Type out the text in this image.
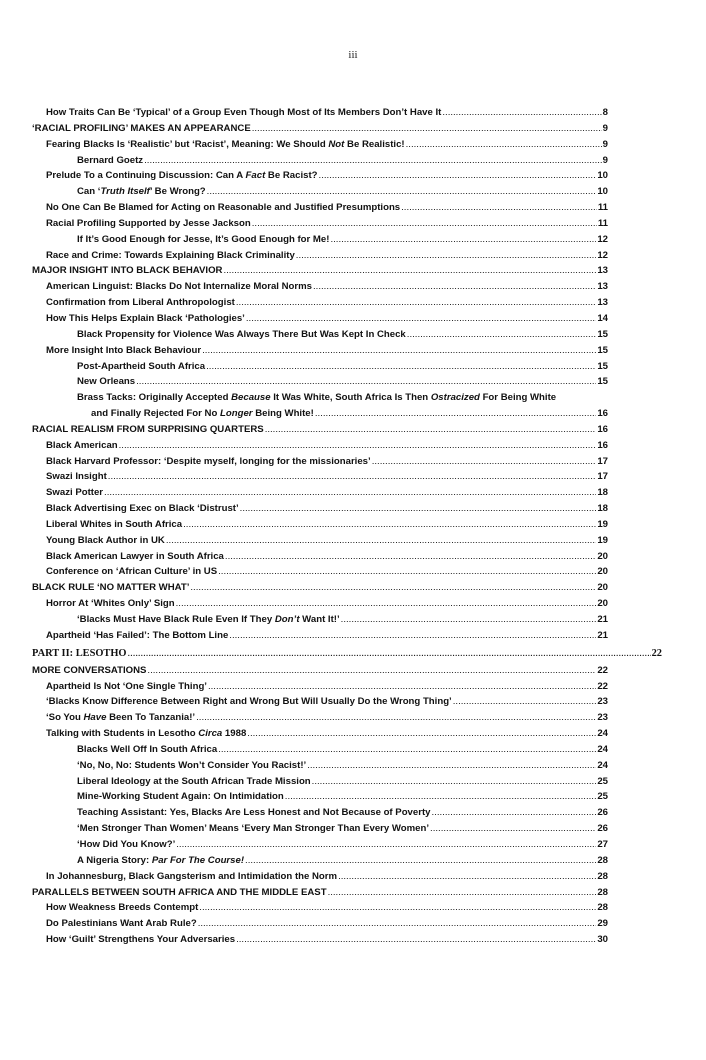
iii
How Traits Can Be ‘Typical’ of a Group Even Though Most of Its Members Don’t Have It .....	8
‘RACIAL PROFILING’ MAKES AN APPEARANCE .....	9
Fearing Blacks Is ‘Realistic’ but ‘Racist’, Meaning: We Should Not Be Realistic! .....	9
Bernard Goetz .....	9
Prelude To a Continuing Discussion: Can A Fact Be Racist? .....	10
Can ‘Truth Itself’ Be Wrong? .....	10
No One Can Be Blamed for Acting on Reasonable and Justified Presumptions .....	11
Racial Profiling Supported by Jesse Jackson .....	11
If It’s Good Enough for Jesse, It’s Good Enough for Me! .....	12
Race and Crime: Towards Explaining Black Criminality .....	12
MAJOR INSIGHT INTO BLACK BEHAVIOR .....	13
American Linguist: Blacks Do Not Internalize Moral Norms .....	13
Confirmation from Liberal Anthropologist .....	13
How This Helps Explain Black ‘Pathologies’ .....	14
Black Propensity for Violence Was Always There But Was Kept In Check .....	15
More Insight Into Black Behaviour .....	15
Post-Apartheid South Africa .....	15
New Orleans .....	15
Brass Tacks: Originally Accepted Because It Was White, South Africa Is Then Ostracized For Being White
and Finally Rejected For No Longer Being White! .....	16
RACIAL REALISM FROM SURPRISING QUARTERS .....	16
Black American .....	16
Black Harvard Professor: ‘Despite myself, longing for the missionaries’ .....	17
Swazi Insight .....	17
Swazi Potter .....	18
Black Advertising Exec on Black ‘Distrust’ .....	18
Liberal Whites in South Africa .....	19
Young Black Author in UK .....	19
Black American Lawyer in South Africa .....	20
Conference on ‘African Culture’ in US .....	20
BLACK RULE ‘NO MATTER WHAT’ .....	20
Horror At ‘Whites Only’ Sign .....	20
‘Blacks Must Have Black Rule Even If They Don’t Want It!’ .....	21
Apartheid ‘Has Failed’: The Bottom Line .....	21
PART II: LESOTHO .....	22
MORE CONVERSATIONS .....	22
Apartheid Is Not ‘One Single Thing’ .....	22
‘Blacks Know Difference Between Right and Wrong But Will Usually Do the Wrong Thing’ .....	23
‘So You Have Been To Tanzania!’ .....	23
Talking with Students in Lesotho Circa 1988 .....	24
Blacks Well Off In South Africa .....	24
‘No, No, No: Students Won’t Consider You Racist!’ .....	24
Liberal Ideology at the South African Trade Mission .....	25
Mine-Working Student Again: On Intimidation .....	25
Teaching Assistant: Yes, Blacks Are Less Honest and Not Because of Poverty .....	26
‘Men Stronger Than Women’ Means ‘Every Man Stronger Than Every Women’ .....	26
‘How Did You Know?’ .....	27
A Nigeria Story: Par For The Course! .....	28
In Johannesburg, Black Gangsterism and Intimidation the Norm .....	28
PARALLELS BETWEEN SOUTH AFRICA AND THE MIDDLE EAST .....	28
How Weakness Breeds Contempt .....	28
Do Palestinians Want Arab Rule? .....	29
How ‘Guilt’ Strengthens Your Adversaries .....	30
